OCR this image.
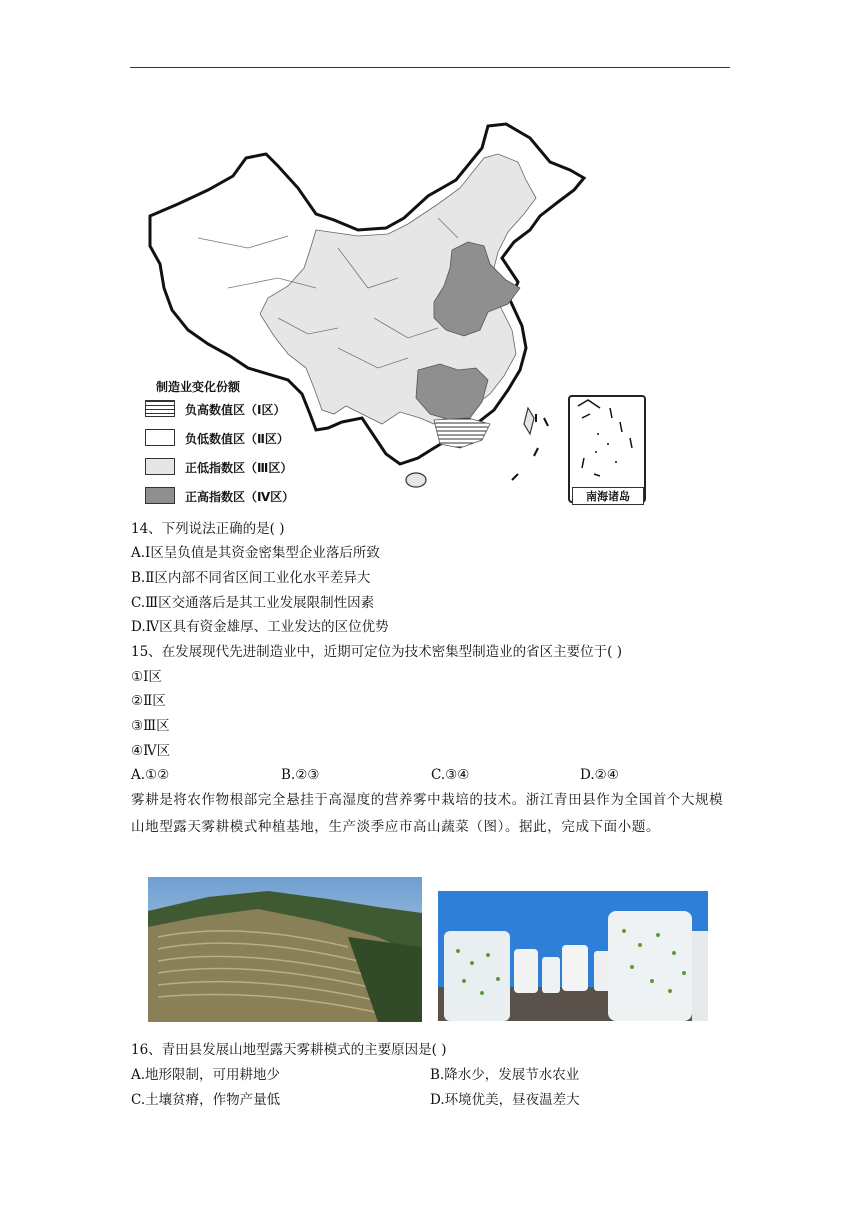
南海诸岛
制造业变化份额
负高数值区（Ⅰ区）
负低数值区（Ⅱ区）
正低指数区（Ⅲ区）
正高指数区（Ⅳ区）
14、下列说法正确的是( )
A.Ⅰ区呈负值是其资金密集型企业落后所致
B.Ⅱ区内部不同省区间工业化水平差异大
C.Ⅲ区交通落后是其工业发展限制性因素
D.Ⅳ区具有资金雄厚、工业发达的区位优势
15、在发展现代先进制造业中，近期可定位为技术密集型制造业的省区主要位于( )
①Ⅰ区
②Ⅱ区
③Ⅲ区
④Ⅳ区
A.①②	B.②③	C.③④	D.②④
雾耕是将农作物根部完全悬挂于高湿度的营养雾中栽培的技术。浙江青田县作为全国首个大规模山地型露天雾耕模式种植基地，生产淡季应市高山蔬菜（图）。据此，完成下面小题。
16、青田县发展山地型露天雾耕模式的主要原因是( )
A.地形限制，可用耕地少	B.降水少，发展节水农业
C.土壤贫瘠，作物产量低	D.环境优美，昼夜温差大
